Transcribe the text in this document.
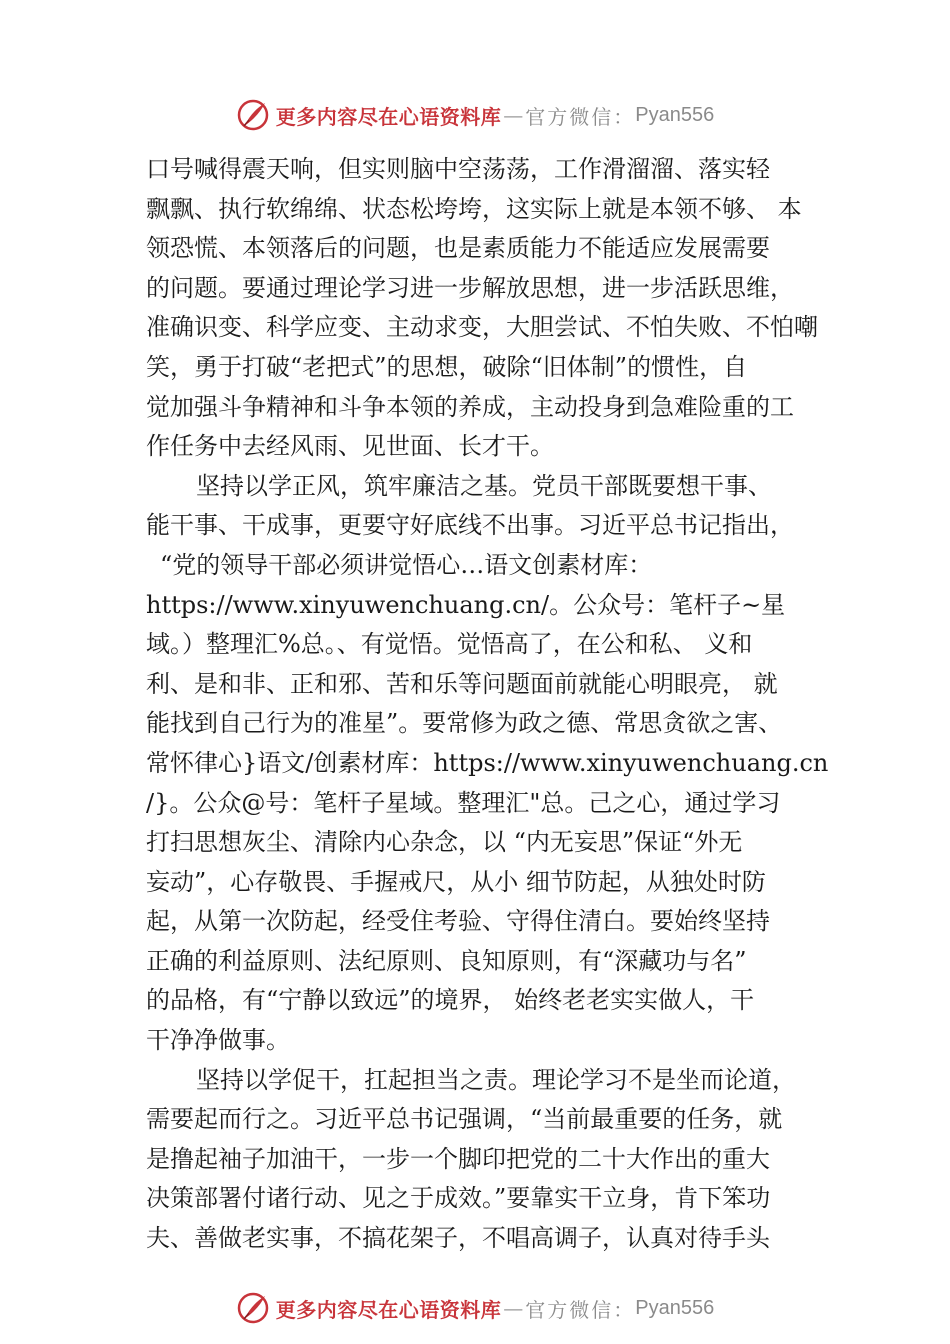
更多内容尽在心语资料库 — 官方微信： Pyan556
口号喊得震天响，但实则脑中空荡荡，工作滑溜溜、落实轻
飘飘、执行软绵绵、状态松垮垮，这实际上就是本领不够、 本
领恐慌、本领落后的问题，也是素质能力不能适应发展需要
的问题。要通过理论学习进一步解放思想，进一步活跃思维，
准确识变、科学应变、主动求变，大胆尝试、不怕失败、不怕嘲
笑，勇于打破“老把式”的思想，破除“旧体制”的惯性，自
觉加强斗争精神和斗争本领的养成，主动投身到急难险重的工
作任务中去经风雨、见世面、长才干。
坚持以学正风，筑牢廉洁之基。党员干部既要想干事、
能干事、干成事，更要守好底线不出事。习近平总书记指出，
“党的领导干部必须讲觉悟心…语文创素材库：
https://www.xinyuwenchuang.cn/。公众号：笔杆子~星
域。）整理汇%总。、有觉悟。觉悟高了，在公和私、 义和
利、是和非、正和邪、苦和乐等问题面前就能心明眼亮， 就
能找到自己行为的准星”。要常修为政之德、常思贪欲之害、
常怀律心}语文/创素材库：https://www.xinyuwenchuang.cn
/}。公众@号：笔杆子星域。整理汇"总。己之心，通过学习
打扫思想灰尘、清除内心杂念，以 “内无妄思”保证“外无
妄动”，心存敬畏、手握戒尺，从小 细节防起，从独处时防
起，从第一次防起，经受住考验、守得住清白。要始终坚持
正确的利益原则、法纪原则、良知原则，有“深藏功与名”
的品格，有“宁静以致远”的境界， 始终老老实实做人，干
干净净做事。
坚持以学促干，扛起担当之责。理论学习不是坐而论道，
需要起而行之。习近平总书记强调，“当前最重要的任务，就
是撸起袖子加油干，一步一个脚印把党的二十大作出的重大
决策部署付诸行动、见之于成效。”要靠实干立身，肯下笨功
夫、善做老实事，不搞花架子，不唱高调子，认真对待手头
更多内容尽在心语资料库 — 官方微信： Pyan556
